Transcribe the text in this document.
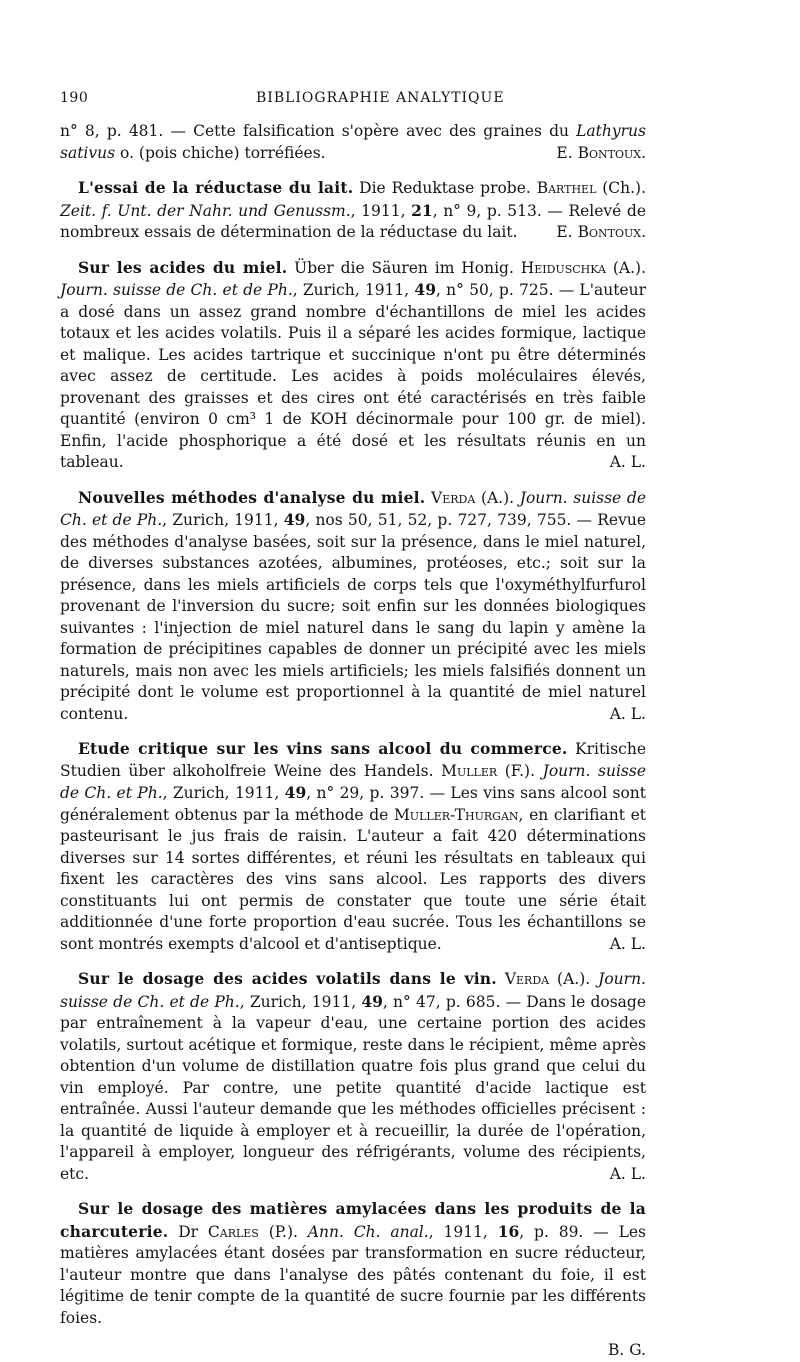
190	BIBLIOGRAPHIE ANALYTIQUE

n° 8, p. 481. — Cette falsification s'opère avec des graines du Lathyrus sativus o. (pois chiche) torréfiées.	E. Bontoux.

L'essai de la réductase du lait. Die Reduktase probe. Barthel (Ch.). Zeit. f. Unt. der Nahr. und Genussm., 1911, 21, n° 9, p. 513. — Relevé de nombreux essais de détermination de la réductase du lait.	E. Bontoux.

Sur les acides du miel. Über die Säuren im Honig. Heiduschka (A.). Journ. suisse de Ch. et de Ph., Zurich, 1911, 49, n° 50, p. 725. — L'auteur a dosé dans un assez grand nombre d'échantillons de miel les acides totaux et les acides volatils. Puis il a séparé les acides formique, lactique et malique. Les acides tartrique et succinique n'ont pu être déterminés avec assez de certitude. Les acides à poids moléculaires élevés, provenant des graisses et des cires ont été caractérisés en très faible quantité (environ 0 cm³ 1 de KOH décinormale pour 100 gr. de miel). Enfin, l'acide phosphorique a été dosé et les résultats réunis en un tableau.	A. L.

Nouvelles méthodes d'analyse du miel. Verda (A.). Journ. suisse de Ch. et de Ph., Zurich, 1911, 49, nos 50, 51, 52, p. 727, 739, 755. — Revue des méthodes d'analyse basées, soit sur la présence, dans le miel naturel, de diverses substances azotées, albumines, protéoses, etc.; soit sur la présence, dans les miels artificiels de corps tels que l'oxyméthylfurfurol provenant de l'inversion du sucre; soit enfin sur les données biologiques suivantes : l'injection de miel naturel dans le sang du lapin y amène la formation de précipitines capables de donner un précipité avec les miels naturels, mais non avec les miels artificiels; les miels falsifiés donnent un précipité dont le volume est proportionnel à la quantité de miel naturel contenu.	A. L.

Etude critique sur les vins sans alcool du commerce. Kritische Studien über alkoholfreie Weine des Handels. Muller (F.). Journ. suisse de Ch. et Ph., Zurich, 1911, 49, n° 29, p. 397. — Les vins sans alcool sont généralement obtenus par la méthode de Muller-Thurgan, en clarifiant et pasteurisant le jus frais de raisin. L'auteur a fait 420 déterminations diverses sur 14 sortes différentes, et réuni les résultats en tableaux qui fixent les caractères des vins sans alcool. Les rapports des divers constituants lui ont permis de constater que toute une série était additionnée d'une forte proportion d'eau sucrée. Tous les échantillons se sont montrés exempts d'alcool et d'antiseptique.	A. L.

Sur le dosage des acides volatils dans le vin. Verda (A.). Journ. suisse de Ch. et de Ph., Zurich, 1911, 49, n° 47, p. 685. — Dans le dosage par entraînement à la vapeur d'eau, une certaine portion des acides volatils, surtout acétique et formique, reste dans le récipient, même après obtention d'un volume de distillation quatre fois plus grand que celui du vin employé. Par contre, une petite quantité d'acide lactique est entraînée. Aussi l'auteur demande que les méthodes officielles précisent : la quantité de liquide à employer et à recueillir, la durée de l'opération, l'appareil à employer, longueur des réfrigérants, volume des récipients, etc.	A. L.

Sur le dosage des matières amylacées dans les produits de la charcuterie. Dr Carles (P.). Ann. Ch. anal., 1911, 16, p. 89. — Les matières amylacées étant dosées par transformation en sucre réducteur, l'auteur montre que dans l'analyse des pâtés contenant du foie, il est légitime de tenir compte de la quantité de sucre fournie par les différents foies.

B. G.
